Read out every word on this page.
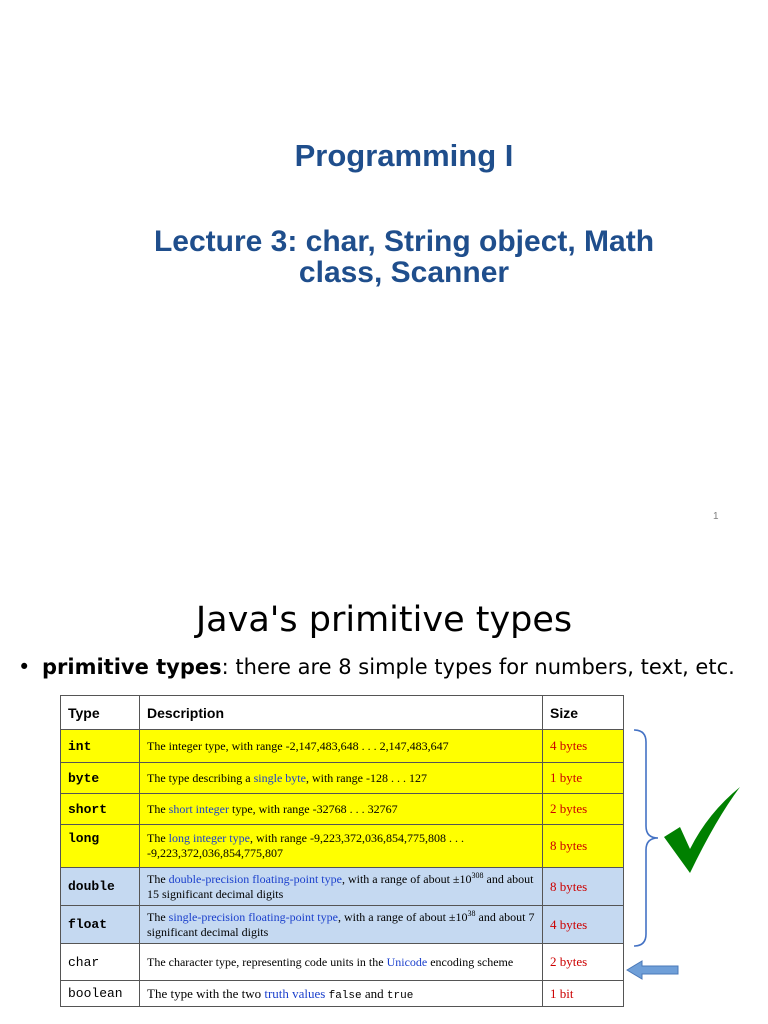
Programming I
Lecture 3: char, String object, Math
class, Scanner
1
Java's primitive types
• primitive types: there are 8 simple types for numbers, text, etc.
Type	Description	Size
int	The integer type, with range -2,147,483,648 . . . 2,147,483,647	4 bytes
byte	The type describing a single byte, with range -128 . . . 127	1 byte
short	The short integer type, with range -32768 . . . 32767	2 bytes
long	The long integer type, with range -9,223,372,036,854,775,808 . . . -9,223,372,036,854,775,807	8 bytes
double	The double-precision floating-point type, with a range of about $\pm 10^{308}$ and about 15 significant decimal digits	8 bytes
float	The single-precision floating-point type, with a range of about $\pm 10^{38}$ and about 7 significant decimal digits	4 bytes
char	The character type, representing code units in the Unicode encoding scheme	2 bytes
boolean	The type with the two truth values false and true	1 bit
